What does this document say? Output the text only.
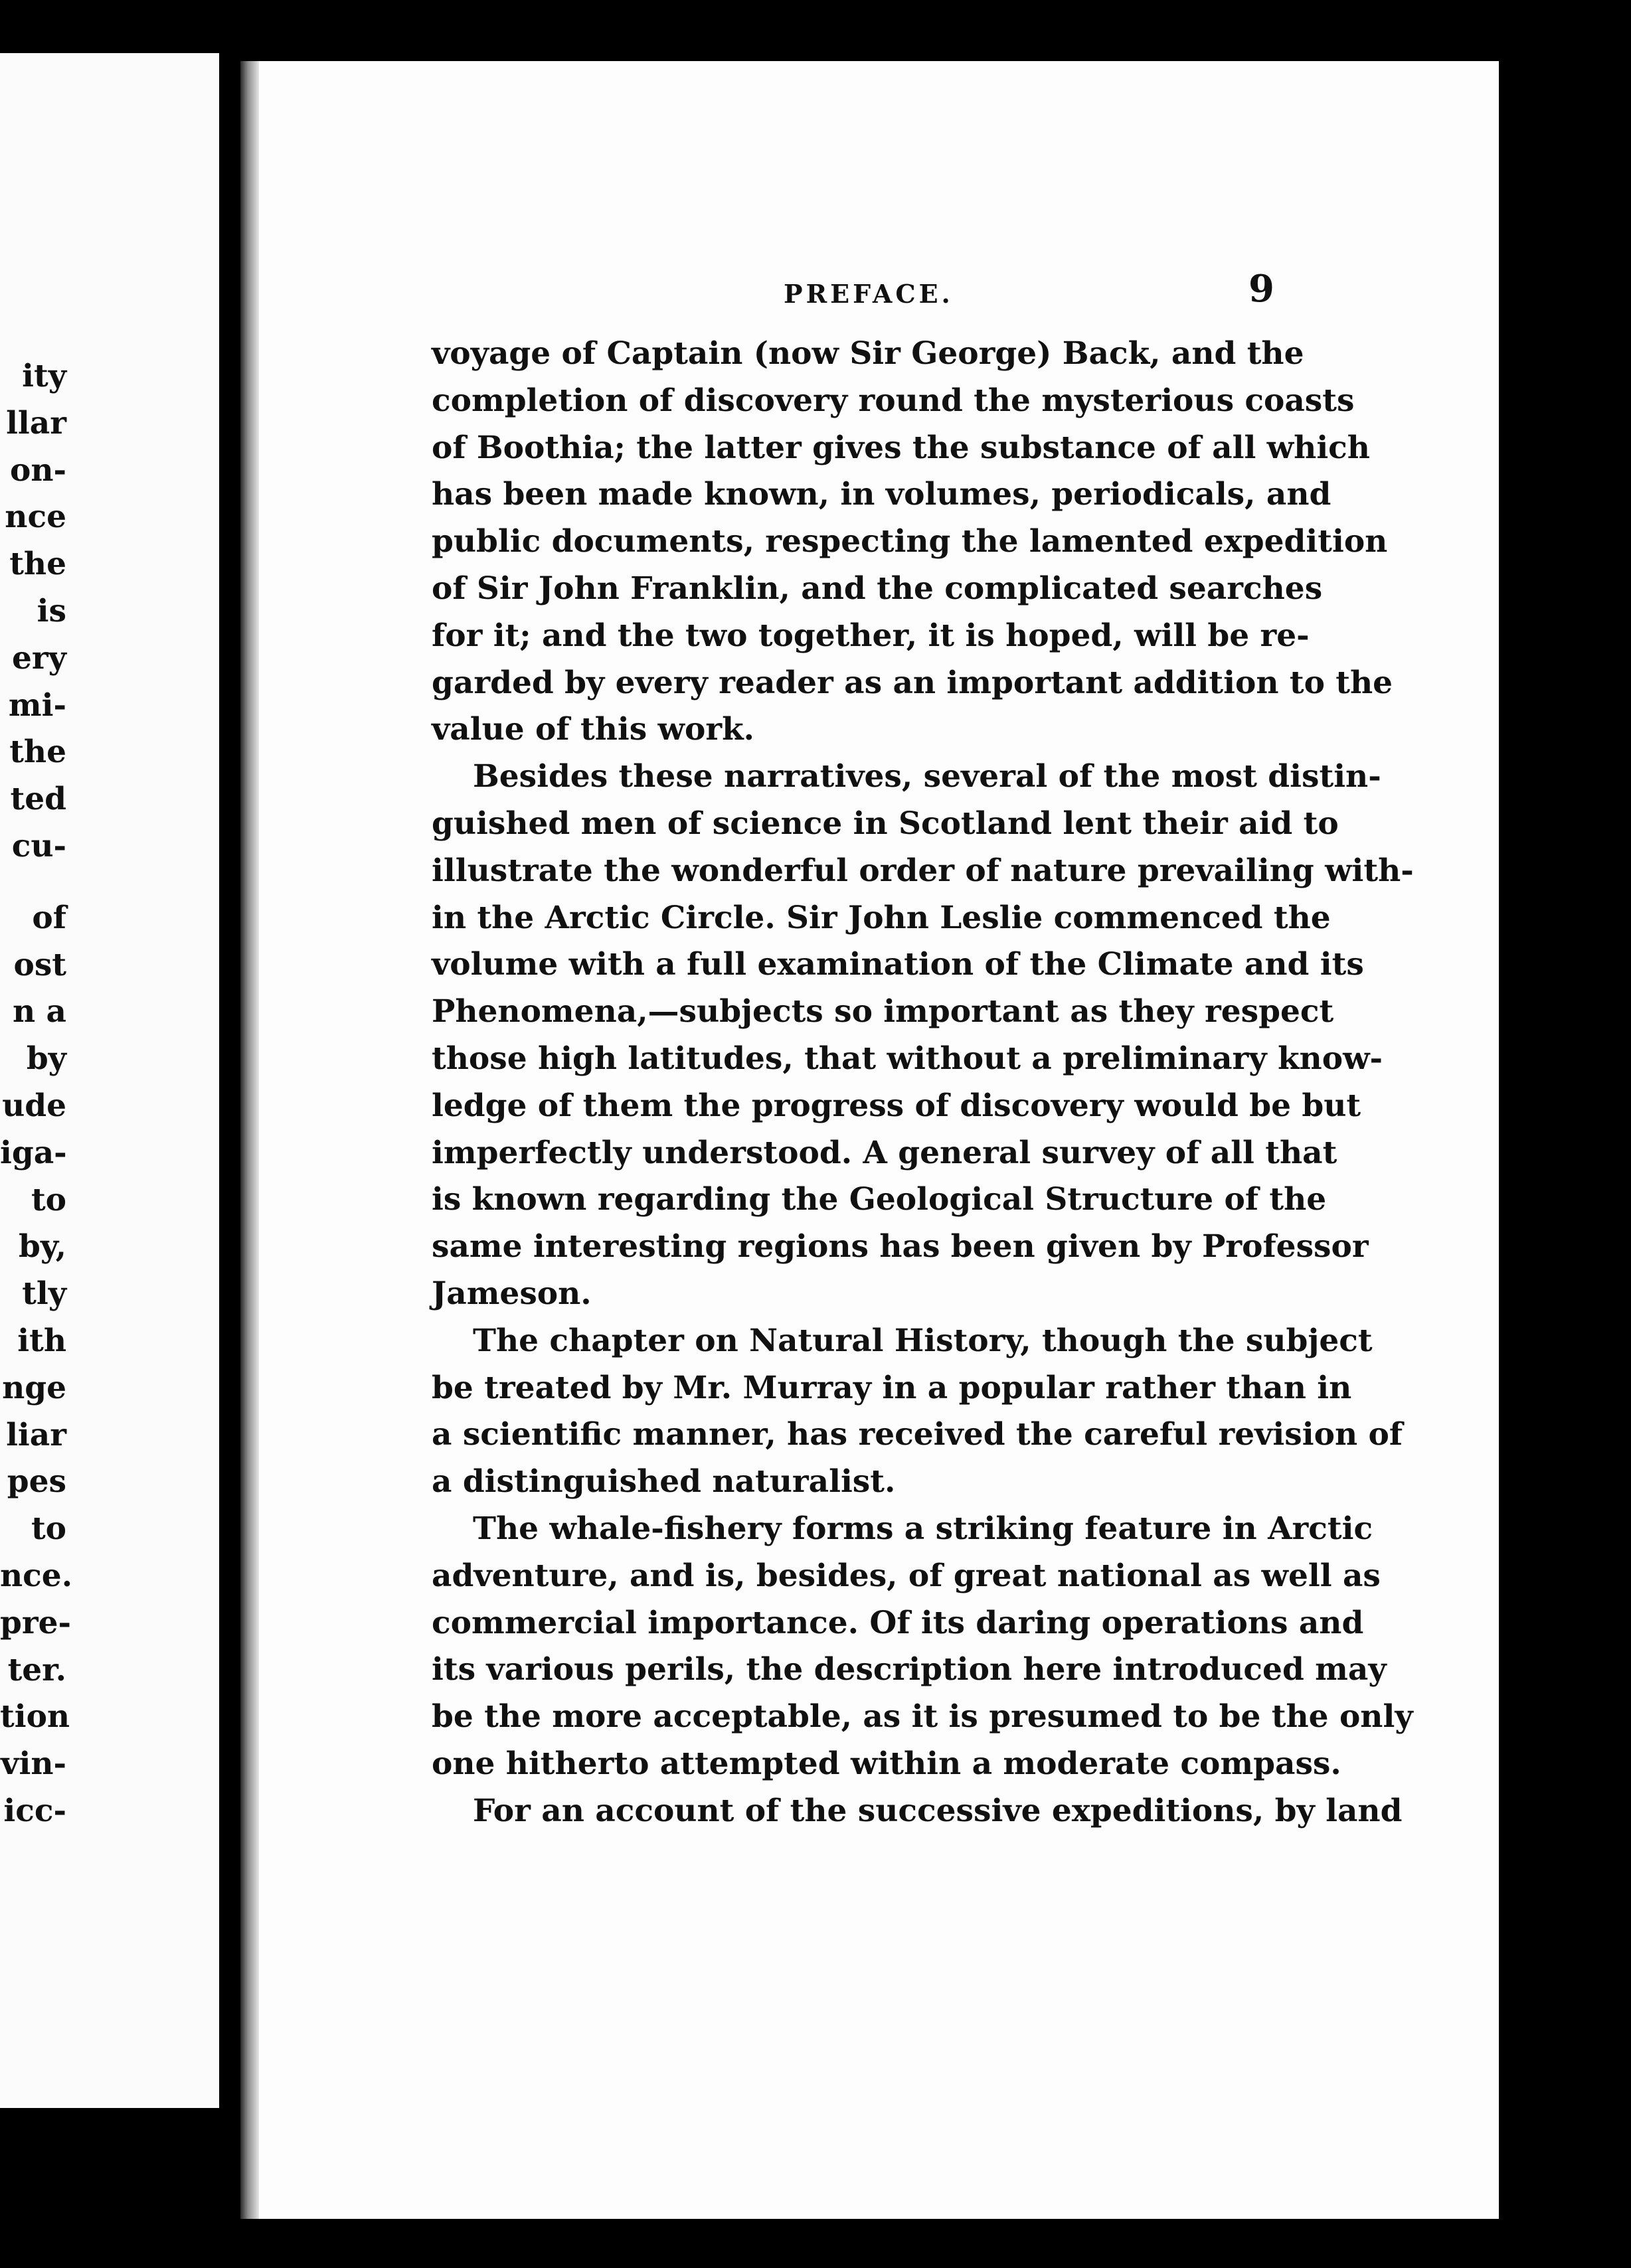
ity
llar
on-
nce
the
is
ery
mi-
the
ted
cu-
of
ost
n a
by
ude
iga-
to
by,
tly
ith
nge
liar
pes
to
nce.
pre-
ter.
tion
vin-
icc-
PREFACE.	9
voyage of Captain (now Sir George) Back, and the
completion of discovery round the mysterious coasts
of Boothia; the latter gives the substance of all which
has been made known, in volumes, periodicals, and
public documents, respecting the lamented expedition
of Sir John Franklin, and the complicated searches
for it; and the two together, it is hoped, will be re-
garded by every reader as an important addition to the
value of this work.
Besides these narratives, several of the most distin-
guished men of science in Scotland lent their aid to
illustrate the wonderful order of nature prevailing with-
in the Arctic Circle. Sir John Leslie commenced the
volume with a full examination of the Climate and its
Phenomena,—subjects so important as they respect
those high latitudes, that without a preliminary know-
ledge of them the progress of discovery would be but
imperfectly understood. A general survey of all that
is known regarding the Geological Structure of the
same interesting regions has been given by Professor
Jameson.
The chapter on Natural History, though the subject
be treated by Mr. Murray in a popular rather than in
a scientific manner, has received the careful revision of
a distinguished naturalist.
The whale-fishery forms a striking feature in Arctic
adventure, and is, besides, of great national as well as
commercial importance. Of its daring operations and
its various perils, the description here introduced may
be the more acceptable, as it is presumed to be the only
one hitherto attempted within a moderate compass.
For an account of the successive expeditions, by land
